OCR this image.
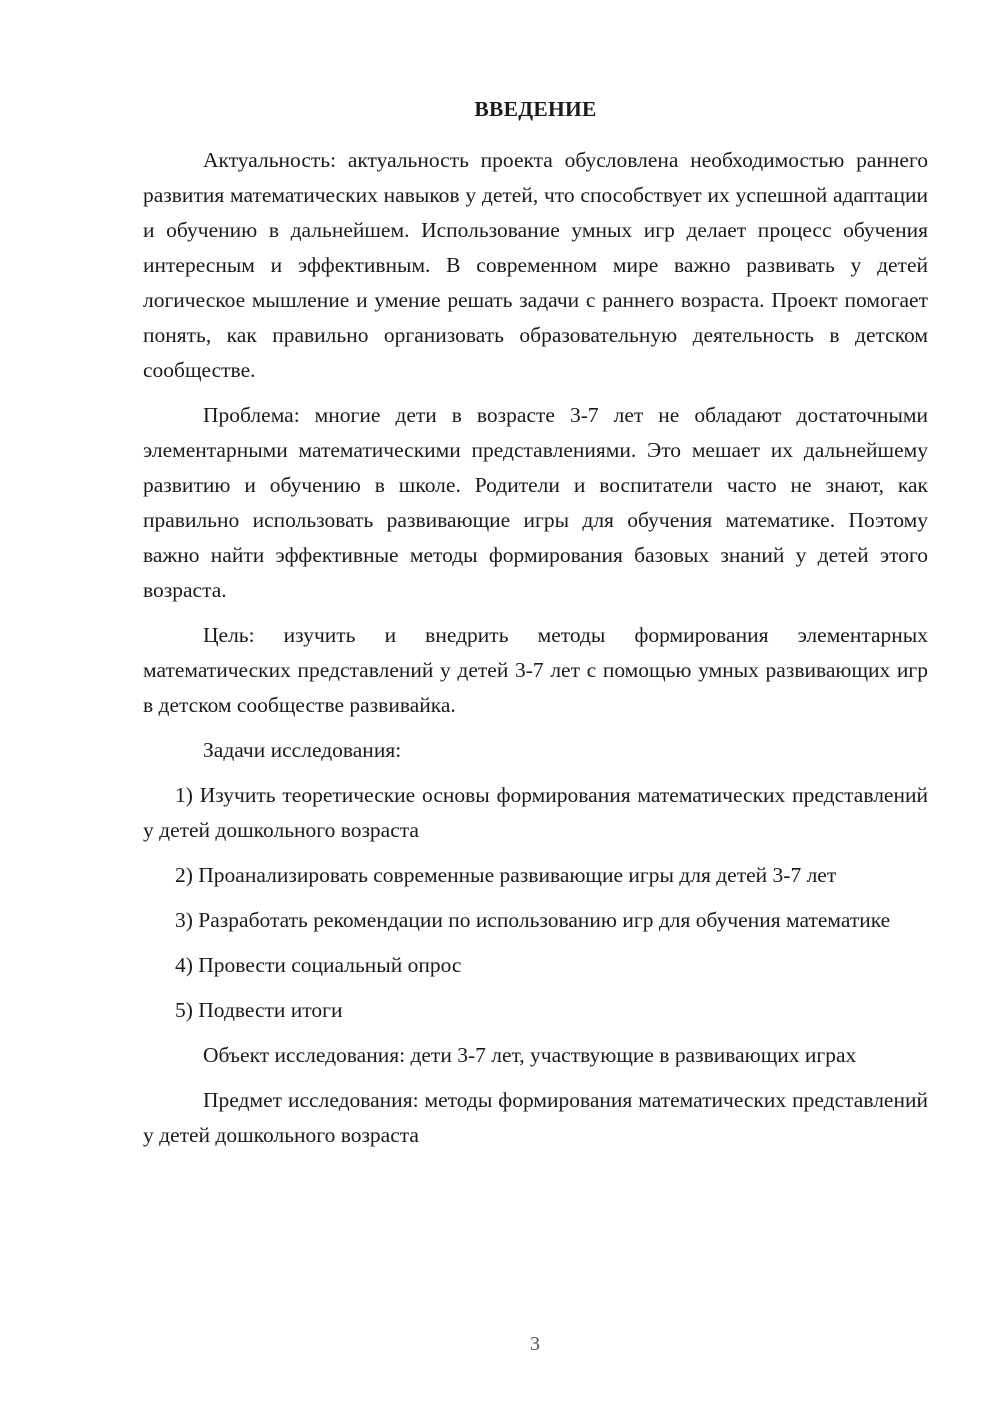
ВВЕДЕНИЕ

Актуальность: актуальность проекта обусловлена необходимостью раннего развития математических навыков у детей, что способствует их успешной адаптации и обучению в дальнейшем. Использование умных игр делает процесс обучения интересным и эффективным. В современном мире важно развивать у детей логическое мышление и умение решать задачи с раннего возраста. Проект помогает понять, как правильно организовать образовательную деятельность в детском сообществе.

Проблема: многие дети в возрасте 3-7 лет не обладают достаточными элементарными математическими представлениями. Это мешает их дальнейшему развитию и обучению в школе. Родители и воспитатели часто не знают, как правильно использовать развивающие игры для обучения математике. Поэтому важно найти эффективные методы формирования базовых знаний у детей этого возраста.

Цель: изучить и внедрить методы формирования элементарных математических представлений у детей 3-7 лет с помощью умных развивающих игр в детском сообществе развивайка.

Задачи исследования:

1) Изучить теоретические основы формирования математических представлений у детей дошкольного возраста

2) Проанализировать современные развивающие игры для детей 3-7 лет

3) Разработать рекомендации по использованию игр для обучения математике

4) Провести социальный опрос

5) Подвести итоги

Объект исследования: дети 3-7 лет, участвующие в развивающих играх

Предмет исследования: методы формирования математических представлений у детей дошкольного возраста

3
